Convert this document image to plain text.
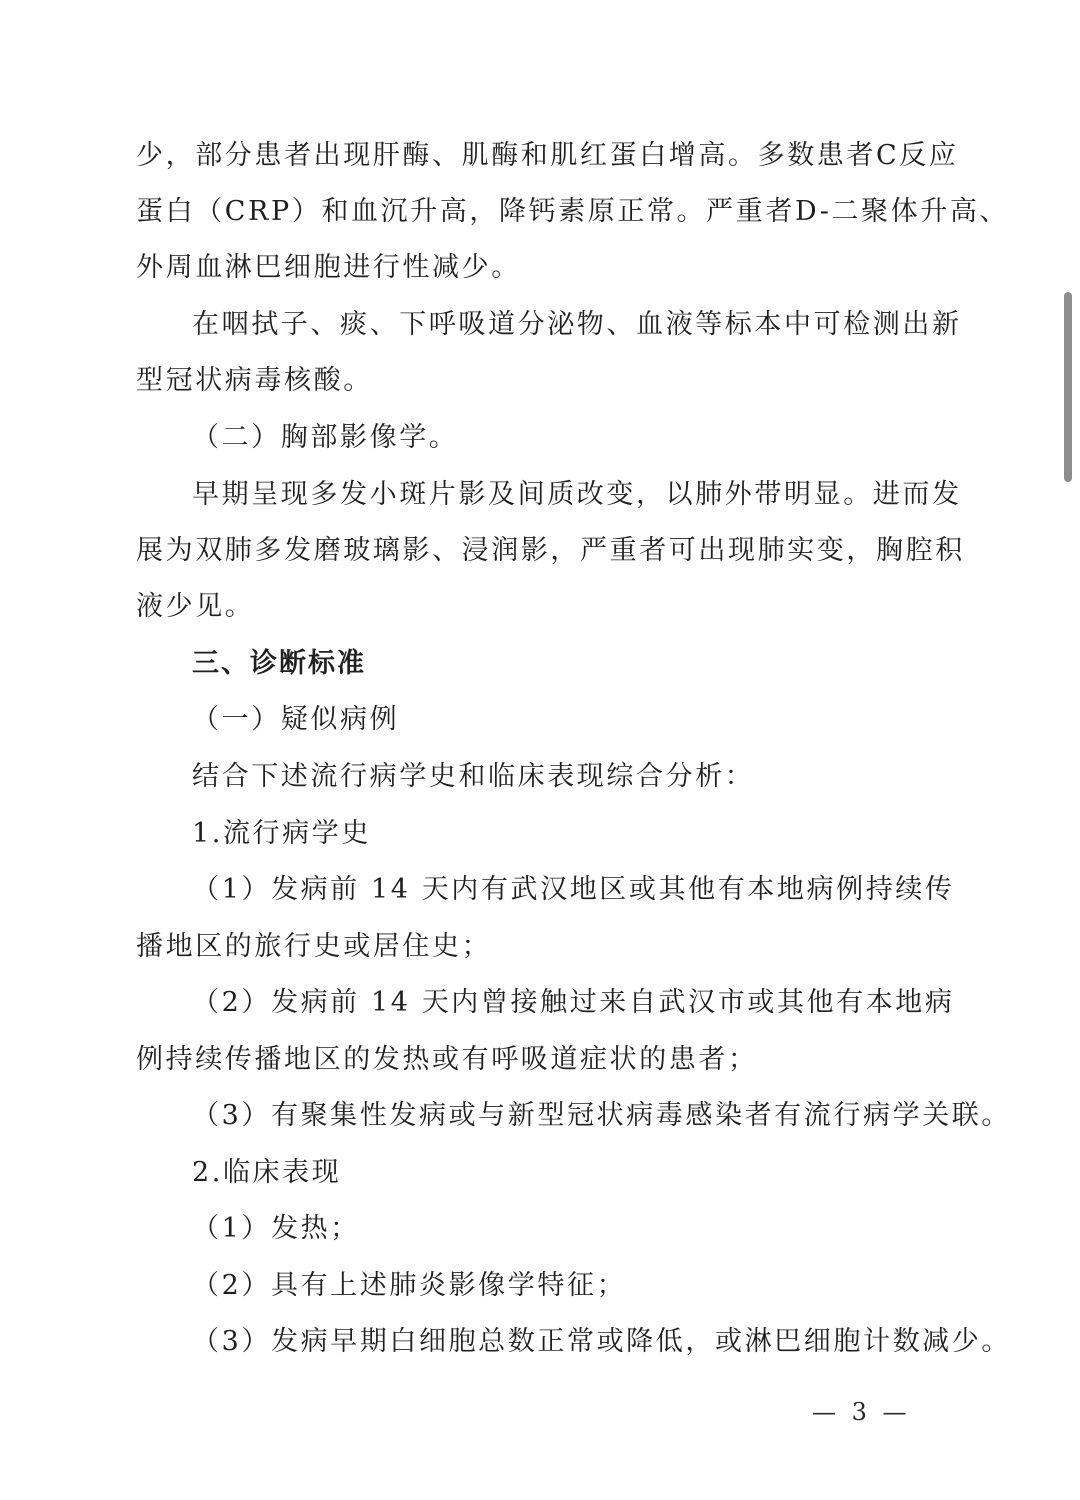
少，部分患者出现肝酶、肌酶和肌红蛋白增高。多数患者C反应
蛋白（CRP）和血沉升高，降钙素原正常。严重者D-二聚体升高、
外周血淋巴细胞进行性减少。
在咽拭子、痰、下呼吸道分泌物、血液等标本中可检测出新
型冠状病毒核酸。
（二）胸部影像学。
早期呈现多发小斑片影及间质改变，以肺外带明显。进而发
展为双肺多发磨玻璃影、浸润影，严重者可出现肺实变，胸腔积
液少见。
三、诊断标准
（一）疑似病例
结合下述流行病学史和临床表现综合分析：
1.流行病学史
（1）发病前 14 天内有武汉地区或其他有本地病例持续传
播地区的旅行史或居住史；
（2）发病前 14 天内曾接触过来自武汉市或其他有本地病
例持续传播地区的发热或有呼吸道症状的患者；
（3）有聚集性发病或与新型冠状病毒感染者有流行病学关联。
2.临床表现
（1）发热；
（2）具有上述肺炎影像学特征；
（3）发病早期白细胞总数正常或降低，或淋巴细胞计数减少。
— 3 —
